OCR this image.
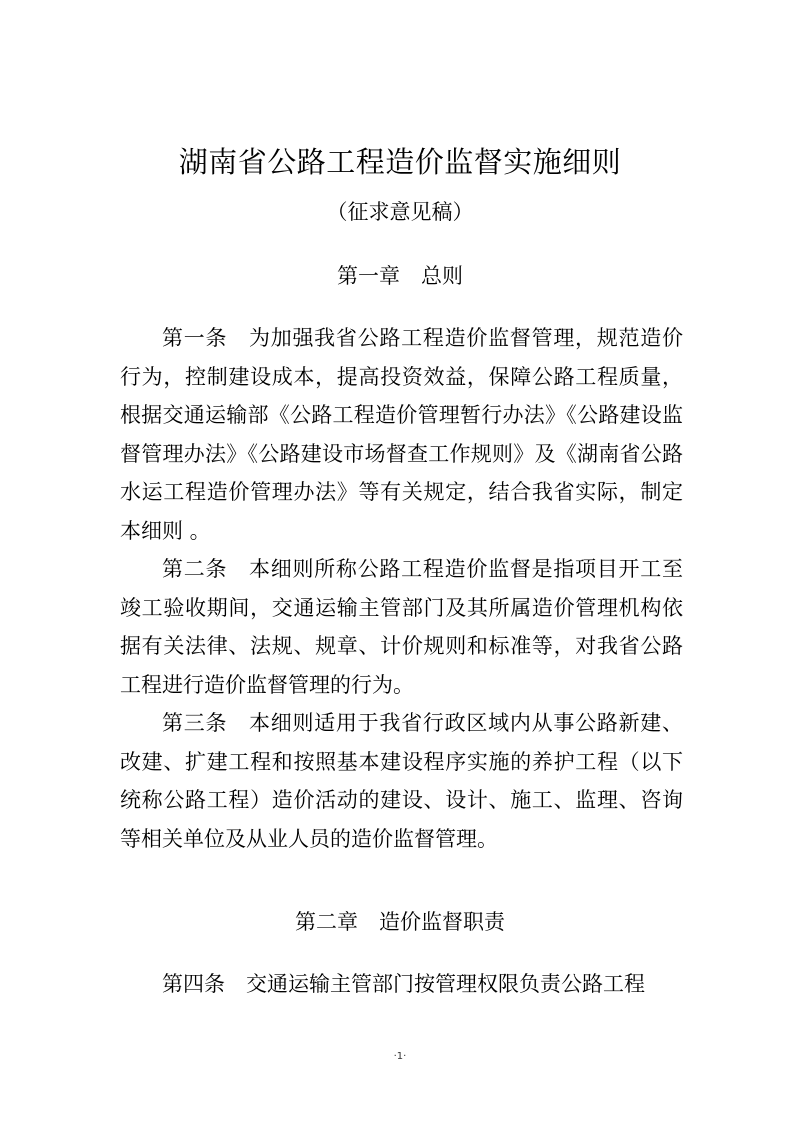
湖南省公路工程造价监督实施细则
（征求意见稿）
第一章　总则

第一条　为加强我省公路工程造价监督管理，规范造价行为，控制建设成本，提高投资效益，保障公路工程质量，根据交通运输部《公路工程造价管理暂行办法》《公路建设监督管理办法》《公路建设市场督查工作规则》及《湖南省公路水运工程造价管理办法》等有关规定，结合我省实际，制定本细则 。

第二条　本细则所称公路工程造价监督是指项目开工至竣工验收期间，交通运输主管部门及其所属造价管理机构依据有关法律、法规、规章、计价规则和标准等，对我省公路工程进行造价监督管理的行为。

第三条　本细则适用于我省行政区域内从事公路新建、改建、扩建工程和按照基本建设程序实施的养护工程（以下统称公路工程）造价活动的建设、设计、施工、监理、咨询等相关单位及从业人员的造价监督管理。

第二章　造价监督职责

第四条　交通运输主管部门按管理权限负责公路工程

·1·
